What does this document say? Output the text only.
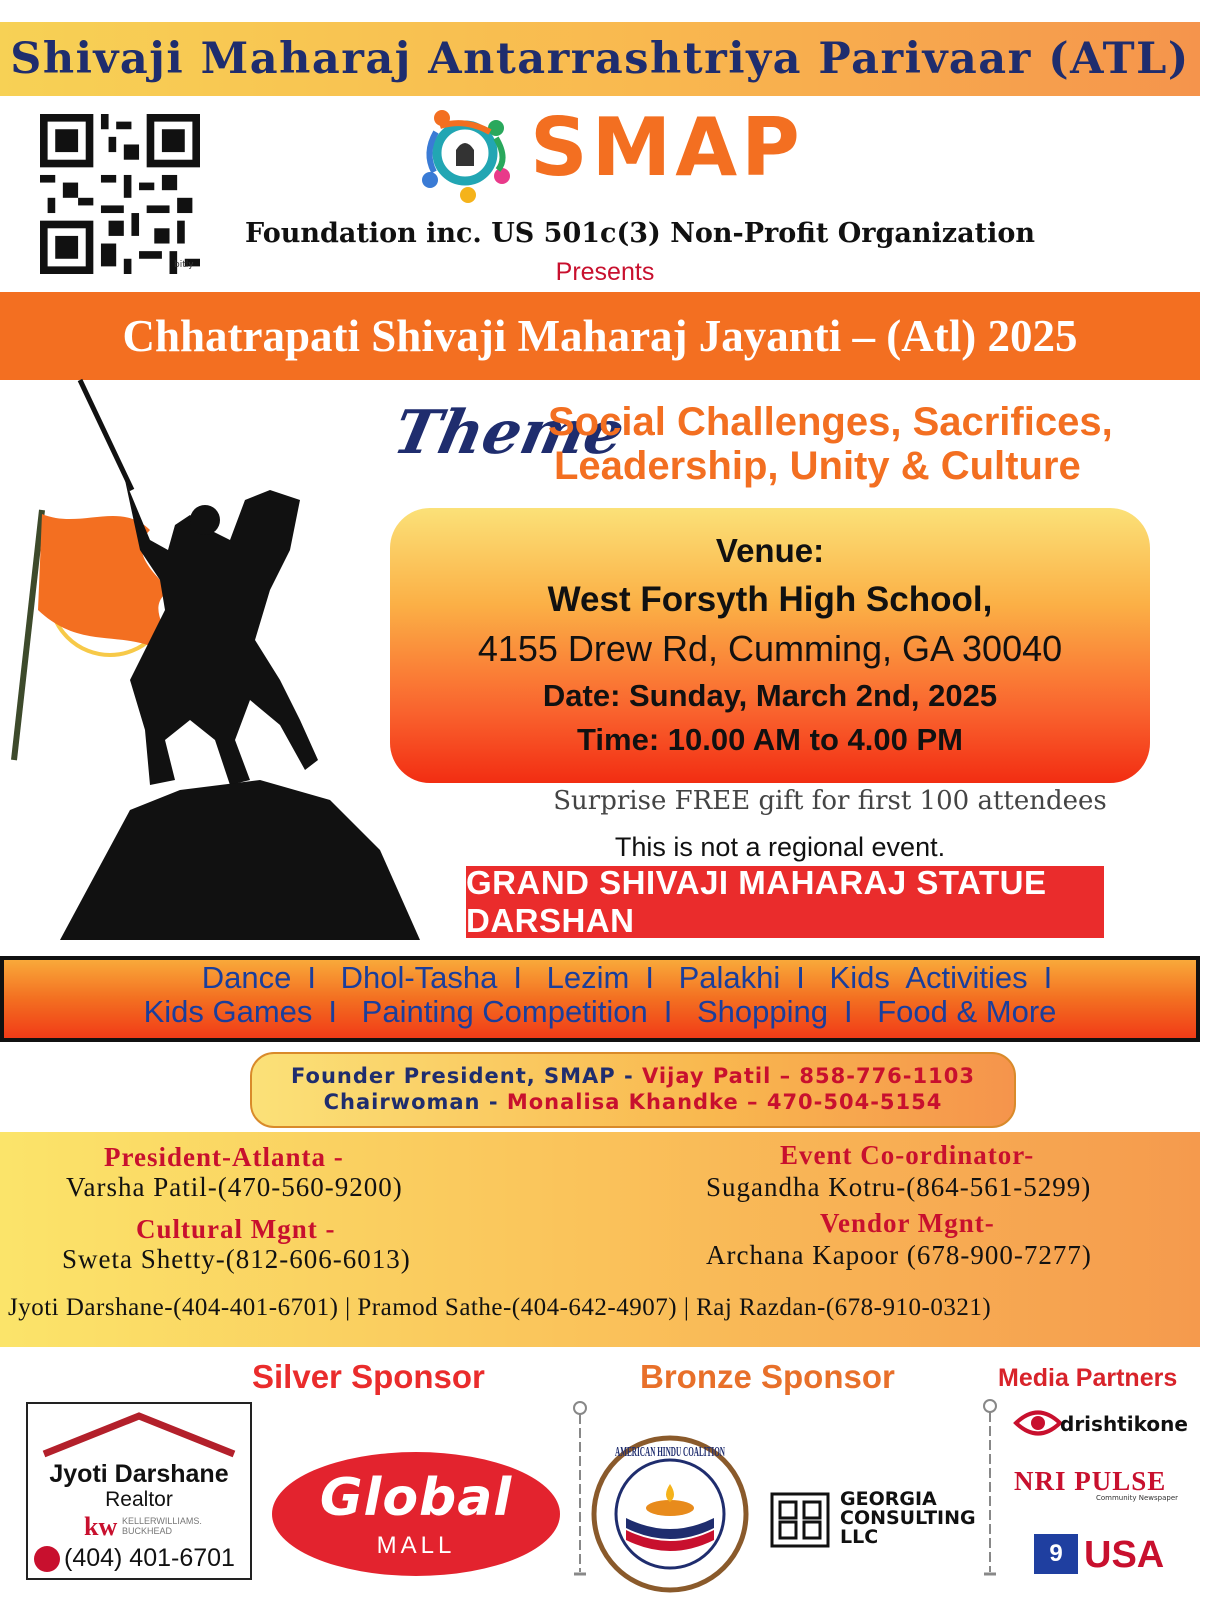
Shivaji Maharaj Antarrashtriya Parivaar (ATL)
bitly
SMAP
Foundation inc. US 501c(3) Non-Profit Organization
Presents
Chhatrapati Shivaji Maharaj Jayanti – (Atl) 2025
Theme
Social Challenges, Sacrifices,
Leadership, Unity & Culture
Venue:
West Forsyth High School,
4155 Drew Rd, Cumming, GA 30040
Date: Sunday, March 2nd, 2025
Time: 10.00 AM to 4.00 PM
Surprise FREE gift for first 100 attendees
This is not a regional event.
GRAND SHIVAJI MAHARAJ STATUE DARSHAN
Dance I Dhol-Tasha I Lezim I Palakhi I Kids  Activities I
Kids Games I Painting Competition I Shopping I Food & More
Founder President, SMAP - Vijay Patil – 858-776-1103
Chairwoman - Monalisa Khandke – 470-504-5154
President-Atlanta -
Varsha Patil-(470-560-9200)
Cultural Mgnt -
Sweta Shetty-(812-606-6013)
Event Co-ordinator-
Sugandha Kotru-(864-561-5299)
Vendor Mgnt-
Archana Kapoor (678-900-7277)
Jyoti Darshane-(404-401-6701) | Pramod Sathe-(404-642-4907) | Raj Razdan-(678-910-0321)
Silver Sponsor	Bronze Sponsor	Media Partners
Jyoti Darshane
Realtor
kw KELLERWILLIAMS. BUCKHEAD
(404) 401-6701
Global
MALL
AMERICAN HINDU COALITION
GEORGIA
CONSULTING
LLC
drishtikone
NRI PULSE
Community Newspaper
9 USA
